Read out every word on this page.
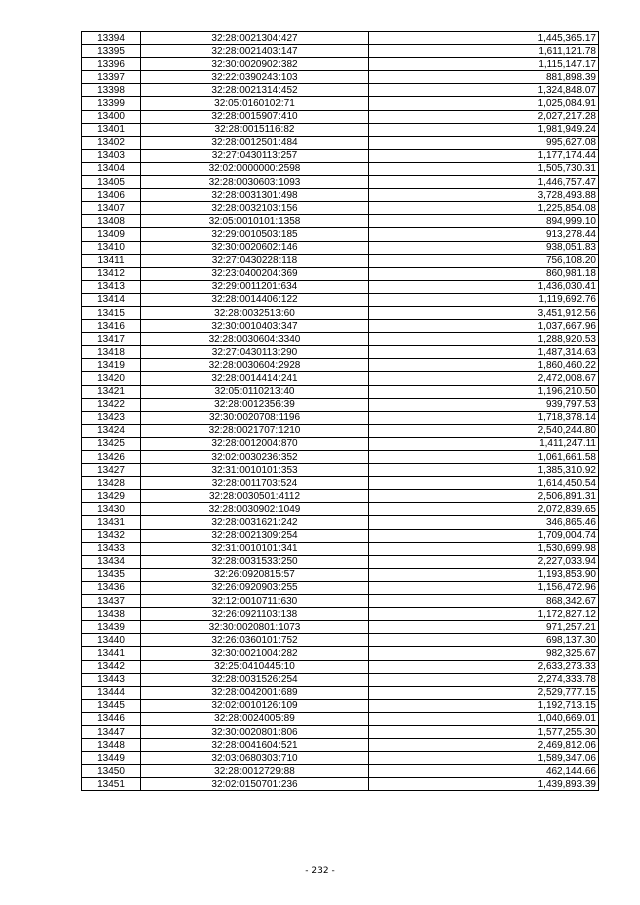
13394	32:28:0021304:427	1,445,365.17
13395	32:28:0021403:147	1,611,121.78
13396	32:30:0020902:382	1,115,147.17
13397	32:22:0390243:103	881,898.39
13398	32:28:0021314:452	1,324,848.07
13399	32:05:0160102:71	1,025,084.91
13400	32:28:0015907:410	2,027,217.28
13401	32:28:0015116:82	1,981,949.24
13402	32:28:0012501:484	995,627.08
13403	32:27:0430113:257	1,177,174.44
13404	32:02:0000000:2598	1,505,730.31
13405	32:28:0030603:1093	1,446,757.47
13406	32:28:0031301:498	3,728,493.88
13407	32:28:0032103:156	1,225,854.08
13408	32:05:0010101:1358	894,999.10
13409	32:29:0010503:185	913,278.44
13410	32:30:0020602:146	938,051.83
13411	32:27:0430228:118	756,108.20
13412	32:23:0400204:369	860,981.18
13413	32:29:0011201:634	1,436,030.41
13414	32:28:0014406:122	1,119,692.76
13415	32:28:0032513:60	3,451,912.56
13416	32:30:0010403:347	1,037,667.96
13417	32:28:0030604:3340	1,288,920.53
13418	32:27:0430113:290	1,487,314.63
13419	32:28:0030604:2928	1,860,460.22
13420	32:28:0014414:241	2,472,008.67
13421	32:05:0110213:40	1,196,210.50
13422	32:28:0012356:39	939,797.53
13423	32:30:0020708:1196	1,718,378.14
13424	32:28:0021707:1210	2,540,244.80
13425	32:28:0012004:870	1,411,247.11
13426	32:02:0030236:352	1,061,661.58
13427	32:31:0010101:353	1,385,310.92
13428	32:28:0011703:524	1,614,450.54
13429	32:28:0030501:4112	2,506,891.31
13430	32:28:0030902:1049	2,072,839.65
13431	32:28:0031621:242	346,865.46
13432	32:28:0021309:254	1,709,004.74
13433	32:31:0010101:341	1,530,699.98
13434	32:28:0031533:250	2,227,033.94
13435	32:26:0920815:57	1,193,853.90
13436	32:26:0920903:255	1,156,472.96
13437	32:12:0010711:630	868,342.67
13438	32:26:0921103:138	1,172,827.12
13439	32:30:0020801:1073	971,257.21
13440	32:26:0360101:752	698,137.30
13441	32:30:0021004:282	982,325.67
13442	32:25:0410445:10	2,633,273.33
13443	32:28:0031526:254	2,274,333.78
13444	32:28:0042001:689	2,529,777.15
13445	32:02:0010126:109	1,192,713.15
13446	32:28:0024005:89	1,040,669.01
13447	32:30:0020801:806	1,577,255.30
13448	32:28:0041604:521	2,469,812.06
13449	32:03:0680303:710	1,589,347.06
13450	32:28:0012729:88	462,144.66
13451	32:02:0150701:236	1,439,893.39
- 232 -
